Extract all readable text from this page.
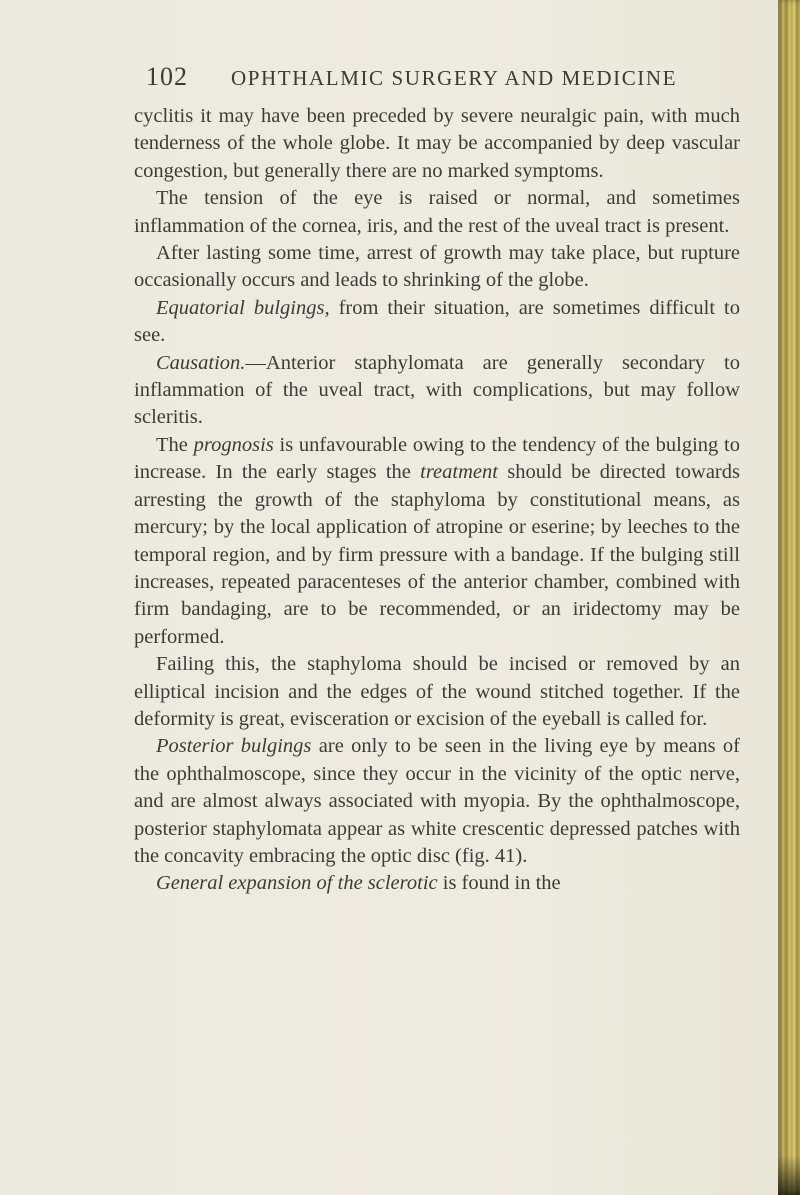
102 OPHTHALMIC SURGERY AND MEDICINE

cyclitis it may have been preceded by severe neuralgic pain, with much tenderness of the whole globe. It may be accompanied by deep vascular congestion, but generally there are no marked symptoms.

The tension of the eye is raised or normal, and sometimes inflammation of the cornea, iris, and the rest of the uveal tract is present.

After lasting some time, arrest of growth may take place, but rupture occasionally occurs and leads to shrinking of the globe.

Equatorial bulgings, from their situation, are sometimes difficult to see.

Causation.—Anterior staphylomata are generally secondary to inflammation of the uveal tract, with complications, but may follow scleritis.

The prognosis is unfavourable owing to the tendency of the bulging to increase. In the early stages the treatment should be directed towards arresting the growth of the staphyloma by constitutional means, as mercury; by the local application of atropine or eserine; by leeches to the temporal region, and by firm pressure with a bandage. If the bulging still increases, repeated paracenteses of the anterior chamber, combined with firm bandaging, are to be recommended, or an iridectomy may be performed.

Failing this, the staphyloma should be incised or removed by an elliptical incision and the edges of the wound stitched together. If the deformity is great, evisceration or excision of the eyeball is called for.

Posterior bulgings are only to be seen in the living eye by means of the ophthalmoscope, since they occur in the vicinity of the optic nerve, and are almost always associated with myopia. By the ophthalmoscope, posterior staphylomata appear as white crescentic depressed patches with the concavity embracing the optic disc (fig. 41).

General expansion of the sclerotic is found in the
